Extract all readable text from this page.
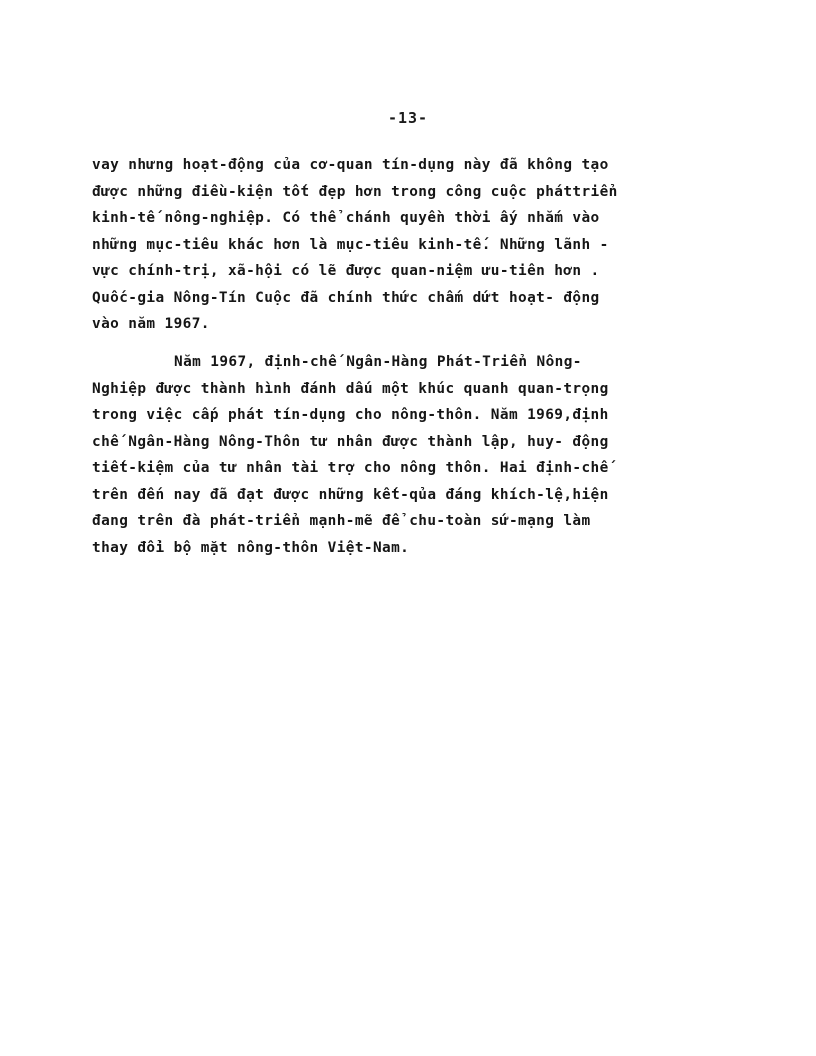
-13-
vay nhưng hoạt-động của cơ-quan tín-dụng này đã không tạo
được những điều-kiện tốt đẹp hơn trong công cuộc pháttriển
kinh-tế nông-nghiệp. Có thể chánh quyền thời ấy nhắm vào
những mục-tiêu khác hơn là mục-tiêu kinh-tế. Những lãnh -
vực chính-trị, xã-hội có lẽ được quan-niệm ưu-tiên hơn .
Quốc-gia Nông-Tín Cuộc đã chính thức chấm dứt hoạt- động
vào năm 1967.
Năm 1967, định-chế Ngân-Hàng Phát-Triển Nông-
Nghiệp được thành hình đánh dấu một khúc quanh quan-trọng
trong việc cấp phát tín-dụng cho nông-thôn. Năm 1969,định
chế Ngân-Hàng Nông-Thôn tư nhân được thành lập, huy- động
tiết-kiệm của tư nhân tài trợ cho nông thôn. Hai định-chế
trên đến nay đã đạt được những kết-qủa đáng khích-lệ,hiện
đang trên đà phát-triển mạnh-mẽ để chu-toàn sứ-mạng làm
thay đổi bộ mặt nông-thôn Việt-Nam.
